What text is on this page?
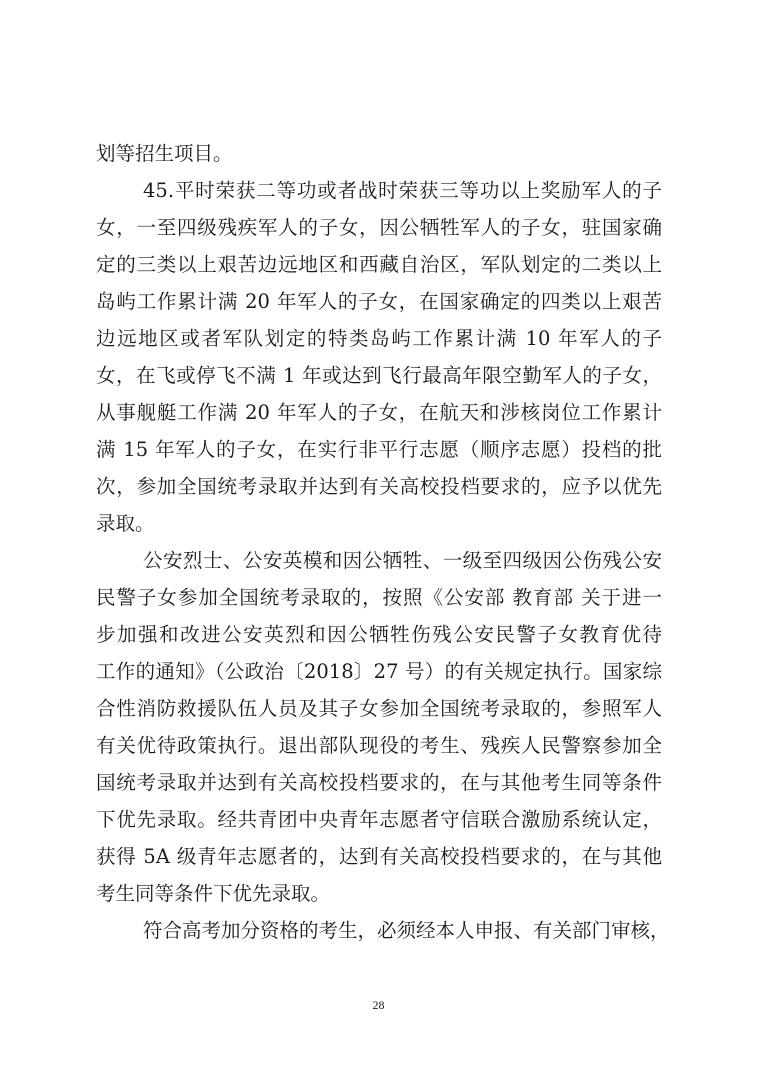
划等招生项目。
45.平时荣获二等功或者战时荣获三等功以上奖励军人的子
女，一至四级残疾军人的子女，因公牺牲军人的子女，驻国家确
定的三类以上艰苦边远地区和西藏自治区，军队划定的二类以上
岛屿工作累计满 20 年军人的子女，在国家确定的四类以上艰苦
边远地区或者军队划定的特类岛屿工作累计满 10 年军人的子
女，在飞或停飞不满 1 年或达到飞行最高年限空勤军人的子女，
从事舰艇工作满 20 年军人的子女，在航天和涉核岗位工作累计
满 15 年军人的子女，在实行非平行志愿（顺序志愿）投档的批
次，参加全国统考录取并达到有关高校投档要求的，应予以优先
录取。
公安烈士、公安英模和因公牺牲、一级至四级因公伤残公安
民警子女参加全国统考录取的，按照《公安部 教育部 关于进一
步加强和改进公安英烈和因公牺牲伤残公安民警子女教育优待
工作的通知》（公政治〔2018〕27 号）的有关规定执行。国家综
合性消防救援队伍人员及其子女参加全国统考录取的，参照军人
有关优待政策执行。退出部队现役的考生、残疾人民警察参加全
国统考录取并达到有关高校投档要求的，在与其他考生同等条件
下优先录取。经共青团中央青年志愿者守信联合激励系统认定，
获得 5A 级青年志愿者的，达到有关高校投档要求的，在与其他
考生同等条件下优先录取。
符合高考加分资格的考生，必须经本人申报、有关部门审核，
28
